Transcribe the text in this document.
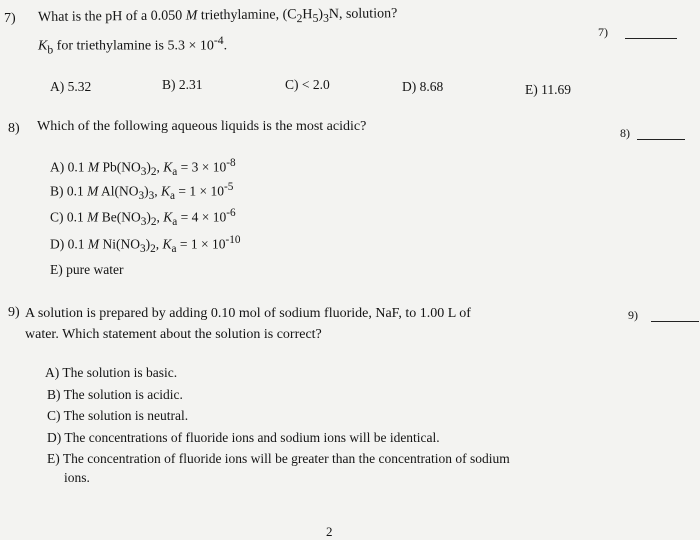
7) What is the pH of a 0.050 M triethylamine, $(C_2H_5)_3N$, solution?
$K_b$ for triethylamine is $5.3 \times 10^{-4}$.
7)
A) 5.32	B) 2.31	C) < 2.0	D) 8.68	E) 11.69
8) Which of the following aqueous liquids is the most acidic?	8)
A) 0.1 M $Pb(NO_3)_2$, $K_a = 3 \times 10^{-8}$
B) 0.1 M $Al(NO_3)_3$, $K_a = 1 \times 10^{-5}$
C) 0.1 M $Be(NO_3)_2$, $K_a = 4 \times 10^{-6}$
D) 0.1 M $Ni(NO_3)_2$, $K_a = 1 \times 10^{-10}$
E) pure water
9) A solution is prepared by adding 0.10 mol of sodium fluoride, NaF, to 1.00 L of
water. Which statement about the solution is correct?
9)
A) The solution is basic.
B) The solution is acidic.
C) The solution is neutral.
D) The concentrations of fluoride ions and sodium ions will be identical.
E) The concentration of fluoride ions will be greater than the concentration of sodium
ions.
2
